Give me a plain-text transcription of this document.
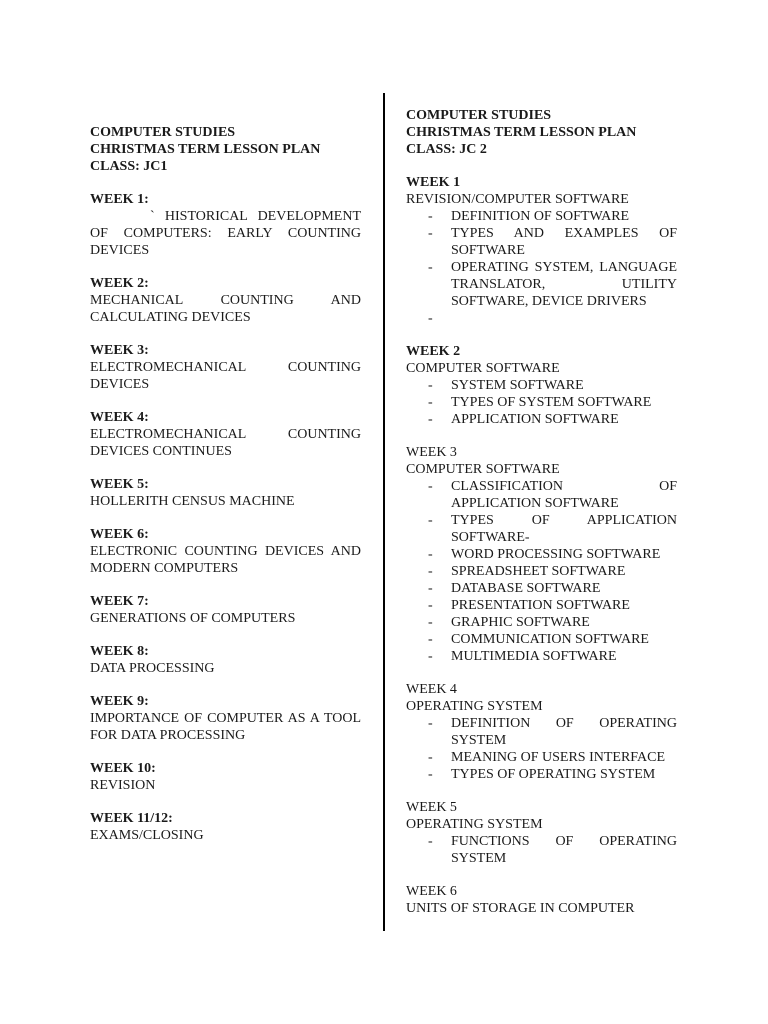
COMPUTER STUDIES
CHRISTMAS TERM LESSON PLAN
CLASS: JC1
WEEK 1:
` HISTORICAL DEVELOPMENT OF COMPUTERS: EARLY COUNTING DEVICES
WEEK 2:
MECHANICAL COUNTING AND CALCULATING DEVICES
WEEK 3:
ELECTROMECHANICAL COUNTING DEVICES
WEEK 4:
ELECTROMECHANICAL COUNTING DEVICES CONTINUES
WEEK 5:
HOLLERITH CENSUS MACHINE
WEEK 6:
ELECTRONIC COUNTING DEVICES AND MODERN COMPUTERS
WEEK 7:
GENERATIONS OF COMPUTERS
WEEK 8:
DATA PROCESSING
WEEK 9:
IMPORTANCE OF COMPUTER AS A TOOL FOR DATA PROCESSING
WEEK 10:
REVISION
WEEK 11/12:
EXAMS/CLOSING
COMPUTER STUDIES
CHRISTMAS TERM LESSON PLAN
CLASS: JC 2
WEEK 1
REVISION/COMPUTER SOFTWARE
- DEFINITION OF SOFTWARE
- TYPES AND EXAMPLES OF SOFTWARE
- OPERATING SYSTEM, LANGUAGE TRANSLATOR, UTILITY SOFTWARE, DEVICE DRIVERS
-
WEEK 2
COMPUTER SOFTWARE
- SYSTEM SOFTWARE
- TYPES OF SYSTEM SOFTWARE
- APPLICATION SOFTWARE
WEEK 3
COMPUTER SOFTWARE
- CLASSIFICATION OF APPLICATION SOFTWARE
- TYPES OF APPLICATION SOFTWARE-
- WORD PROCESSING SOFTWARE
- SPREADSHEET SOFTWARE
- DATABASE SOFTWARE
- PRESENTATION SOFTWARE
- GRAPHIC SOFTWARE
- COMMUNICATION SOFTWARE
- MULTIMEDIA SOFTWARE
WEEK 4
OPERATING SYSTEM
- DEFINITION OF OPERATING SYSTEM
- MEANING OF USERS INTERFACE
- TYPES OF OPERATING SYSTEM
WEEK 5
OPERATING SYSTEM
- FUNCTIONS OF OPERATING SYSTEM
WEEK 6
UNITS OF STORAGE IN COMPUTER
